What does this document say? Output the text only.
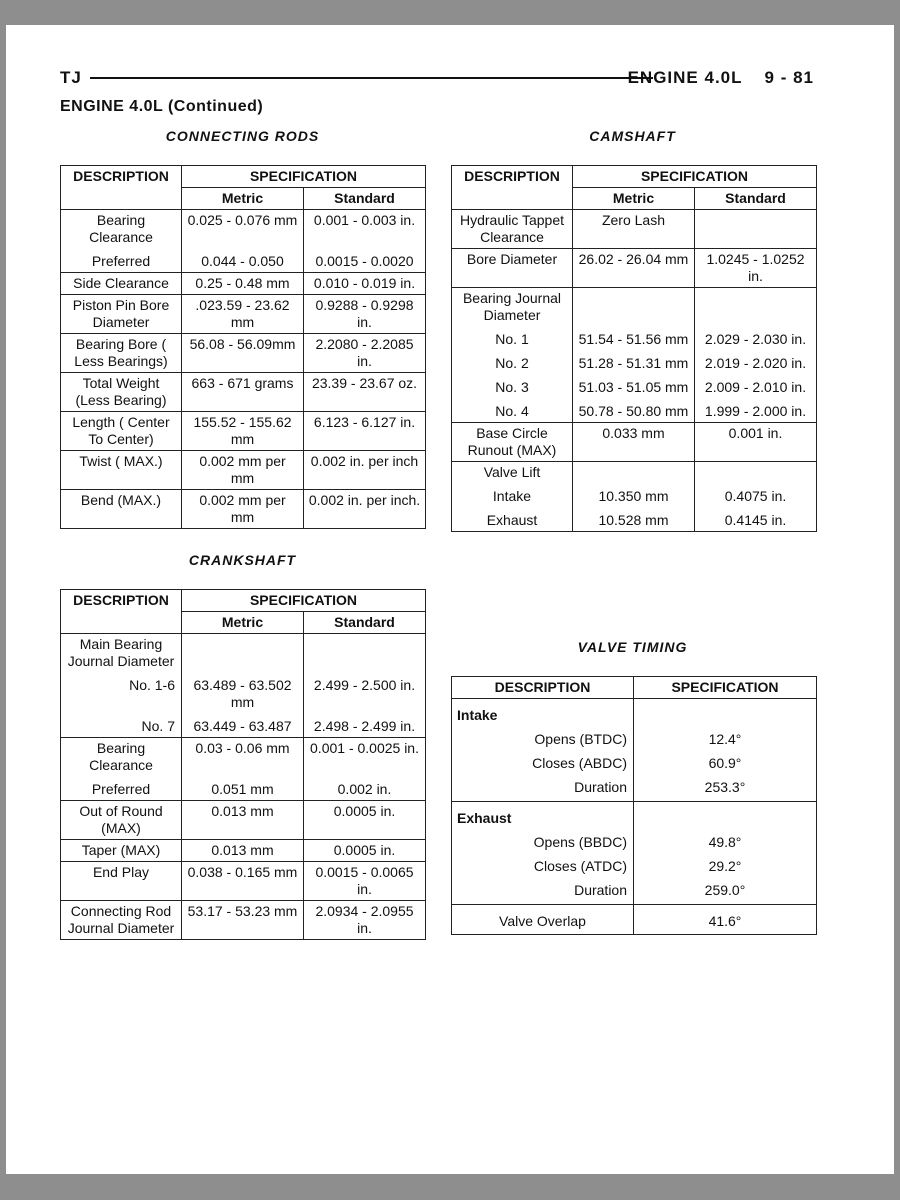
TJ	ENGINE 4.0L 9 - 81
ENGINE 4.0L (Continued)
CONNECTING RODS
DESCRIPTION	SPECIFICATION	
	Metric	Standard
Bearing Clearance	0.025 - 0.076 mm	0.001 - 0.003 in.
Preferred	0.044 - 0.050	0.0015 - 0.0020
Side Clearance	0.25 - 0.48 mm	0.010 - 0.019 in.
Piston Pin Bore Diameter	.023.59 - 23.62 mm	0.9288 - 0.9298 in.
Bearing Bore ( Less Bearings)	56.08 - 56.09mm	2.2080 - 2.2085 in.
Total Weight (Less Bearing)	663 - 671 grams	23.39 - 23.67 oz.
Length ( Center To Center)	155.52 - 155.62 mm	6.123 - 6.127 in.
Twist ( MAX.)	0.002 mm per mm	0.002 in. per inch
Bend (MAX.)	0.002 mm per mm	0.002 in. per inch.
CRANKSHAFT
DESCRIPTION	SPECIFICATION	
	Metric	Standard
Main Bearing Journal Diameter		
No. 1-6	63.489 - 63.502 mm	2.499 - 2.500 in.
No. 7	63.449 - 63.487	2.498 - 2.499 in.
Bearing Clearance	0.03 - 0.06 mm	0.001 - 0.0025 in.
Preferred	0.051 mm	0.002 in.
Out of Round (MAX)	0.013 mm	0.0005 in.
Taper (MAX)	0.013 mm	0.0005 in.
End Play	0.038 - 0.165 mm	0.0015 - 0.0065 in.
Connecting Rod Journal Diameter	53.17 - 53.23 mm	2.0934 - 2.0955 in.
CAMSHAFT
DESCRIPTION	SPECIFICATION	
	Metric	Standard
Hydraulic Tappet Clearance	Zero Lash	
Bore Diameter	26.02 - 26.04 mm	1.0245 - 1.0252 in.
Bearing Journal Diameter		
No. 1	51.54 - 51.56 mm	2.029 - 2.030 in.
No. 2	51.28 - 51.31 mm	2.019 - 2.020 in.
No. 3	51.03 - 51.05 mm	2.009 - 2.010 in.
No. 4	50.78 - 50.80 mm	1.999 - 2.000 in.
Base Circle Runout (MAX)	0.033 mm	0.001 in.
Valve Lift		
Intake	10.350 mm	0.4075 in.
Exhaust	10.528 mm	0.4145 in.
VALVE TIMING
DESCRIPTION	SPECIFICATION
Intake	
Opens (BTDC)	12.4°
Closes (ABDC)	60.9°
Duration	253.3°
Exhaust	
Opens (BBDC)	49.8°
Closes (ATDC)	29.2°
Duration	259.0°
Valve Overlap	41.6°
